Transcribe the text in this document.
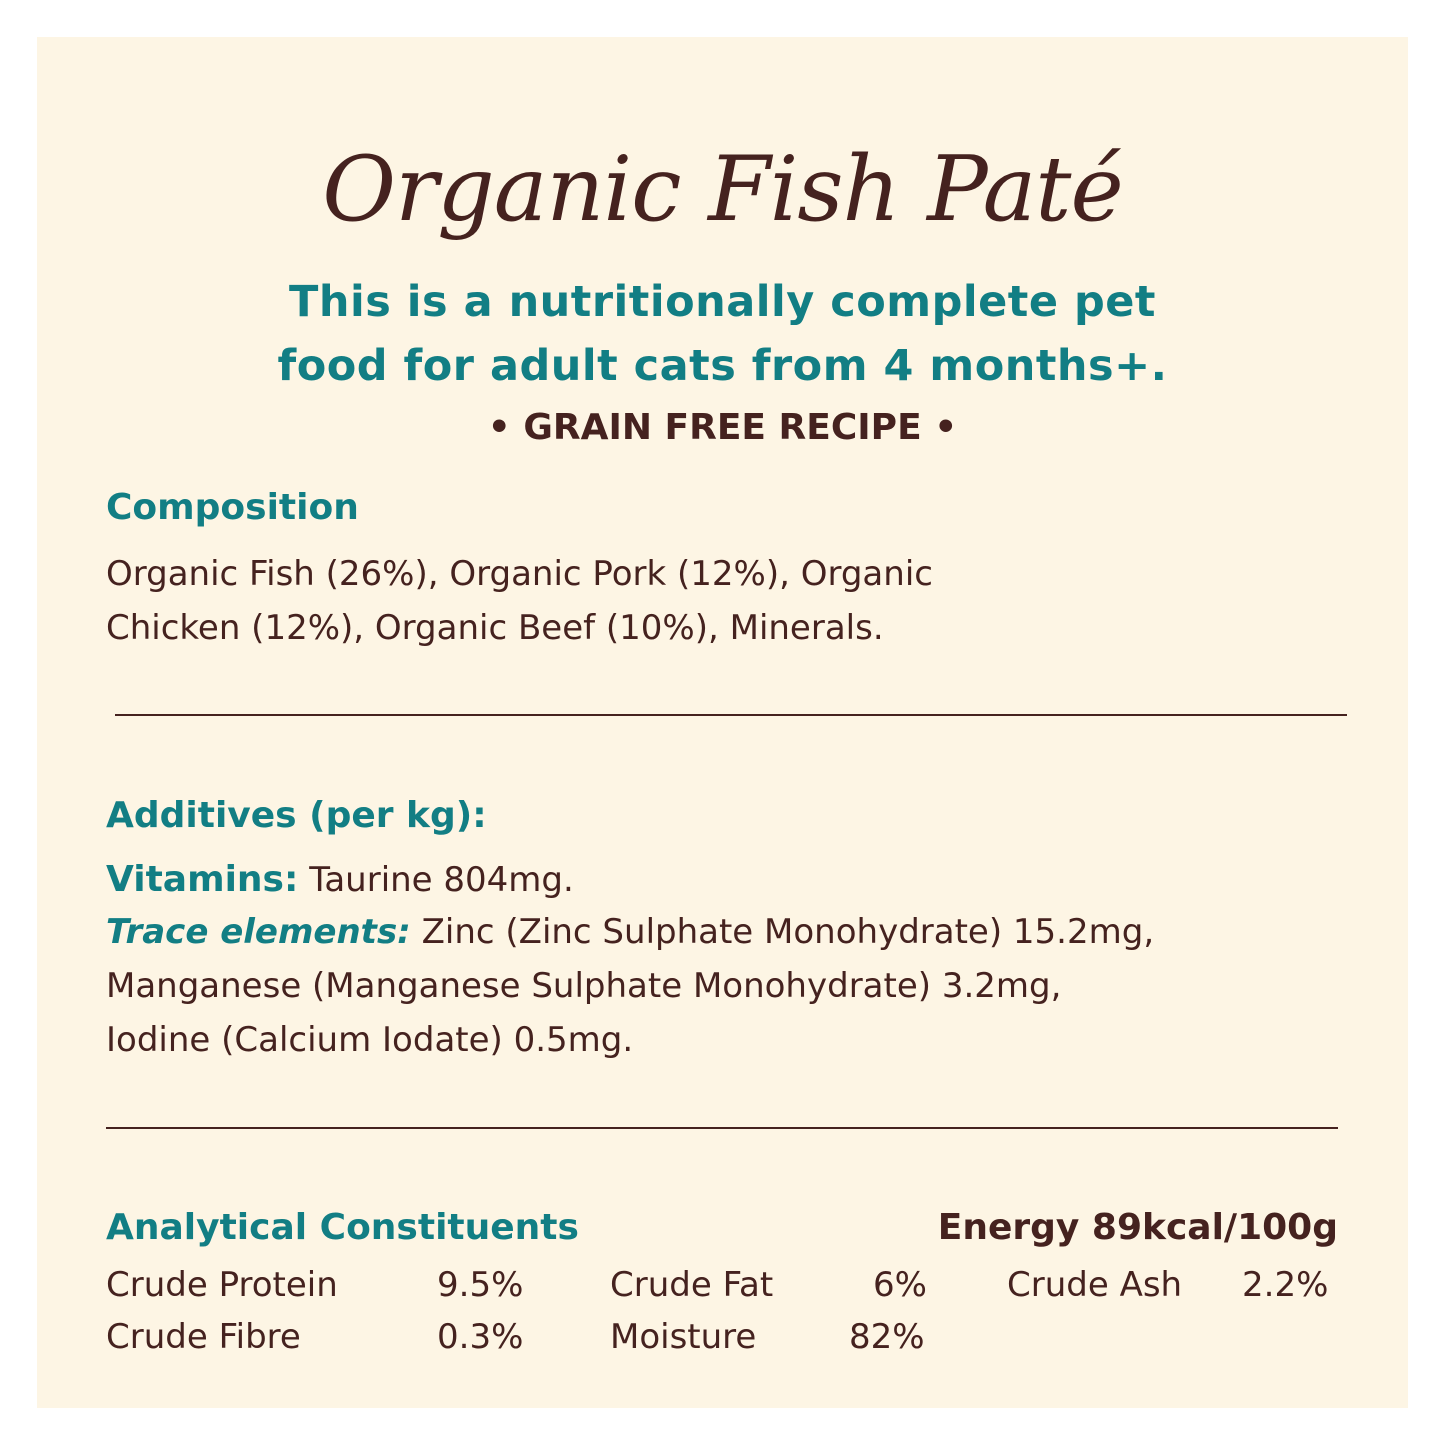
Organic Fish Paté
This is a nutritionally complete pet
food for adult cats from 4 months+.
• GRAIN FREE RECIPE •
Composition
Organic Fish (26%), Organic Pork (12%), Organic
Chicken (12%), Organic Beef (10%), Minerals.
Additives (per kg):
Vitamins: Taurine 804mg.
Trace elements: Zinc (Zinc Sulphate Monohydrate) 15.2mg,
Manganese (Manganese Sulphate Monohydrate) 3.2mg,
Iodine (Calcium Iodate) 0.5mg.
Analytical Constituents	Energy 89kcal/100g
Crude Protein	9.5%	Crude Fat	6% Crude Ash 2.2%
Crude Fibre	0.3%	Moisture	82%
